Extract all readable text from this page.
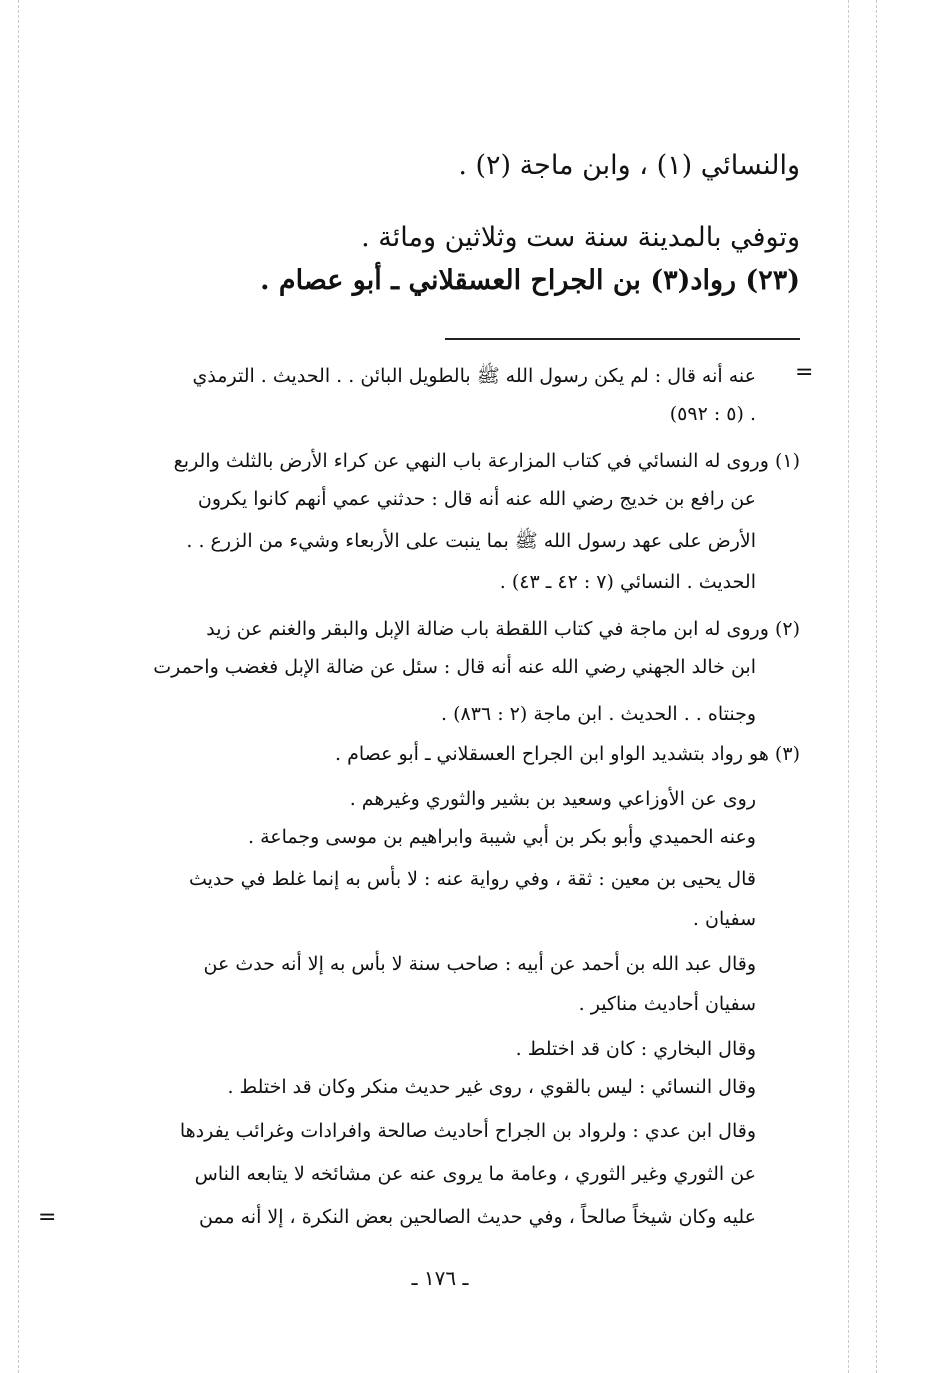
والنسائي (١) ، وابن ماجة (٢) .
وتوفي بالمدينة سنة ست وثلاثين ومائة .
(٢٣) رواد(٣) بن الجراح العسقلاني ـ أبو عصام .
عنه أنه قال : لم يكن رسول الله ﷺ بالطويل البائن . . الحديث . الترمذي
. (٥ : ٥٩٢)
(١) وروى له النسائي في كتاب المزارعة باب النهي عن كراء الأرض بالثلث والربع
عن رافع بن خديج رضي الله عنه أنه قال : حدثني عمي أنهم كانوا يكرون
الأرض على عهد رسول الله ﷺ بما ينبت على الأربعاء وشيء من الزرع . .
الحديث . النسائي (٧ : ٤٢ ـ ٤٣) .
(٢) وروى له ابن ماجة في كتاب اللقطة باب ضالة الإبل والبقر والغنم عن زيد
ابن خالد الجهني رضي الله عنه أنه قال : سئل عن ضالة الإبل فغضب واحمرت
وجنتاه . . الحديث . ابن ماجة (٢ : ٨٣٦) .
(٣) هو رواد بتشديد الواو ابن الجراح العسقلاني ـ أبو عصام .
روى عن الأوزاعي وسعيد بن بشير والثوري وغيرهم .
وعنه الحميدي وأبو بكر بن أبي شيبة وابراهيم بن موسى وجماعة .
قال يحيى بن معين : ثقة ، وفي رواية عنه : لا بأس به إنما غلط في حديث
سفيان .
وقال عبد الله بن أحمد عن أبيه : صاحب سنة لا بأس به إلا أنه حدث عن
سفيان أحاديث مناكير .
وقال البخاري : كان قد اختلط .
وقال النسائي : ليس بالقوي ، روى غير حديث منكر وكان قد اختلط .
وقال ابن عدي : ولرواد بن الجراح أحاديث صالحة وافرادات وغرائب يفردها
عن الثوري وغير الثوري ، وعامة ما يروى عنه عن مشائخه لا يتابعه الناس
عليه وكان شيخاً صالحاً ، وفي حديث الصالحين بعض النكرة ، إلا أنه ممن
ـ ١٧٦ ـ
=
=
